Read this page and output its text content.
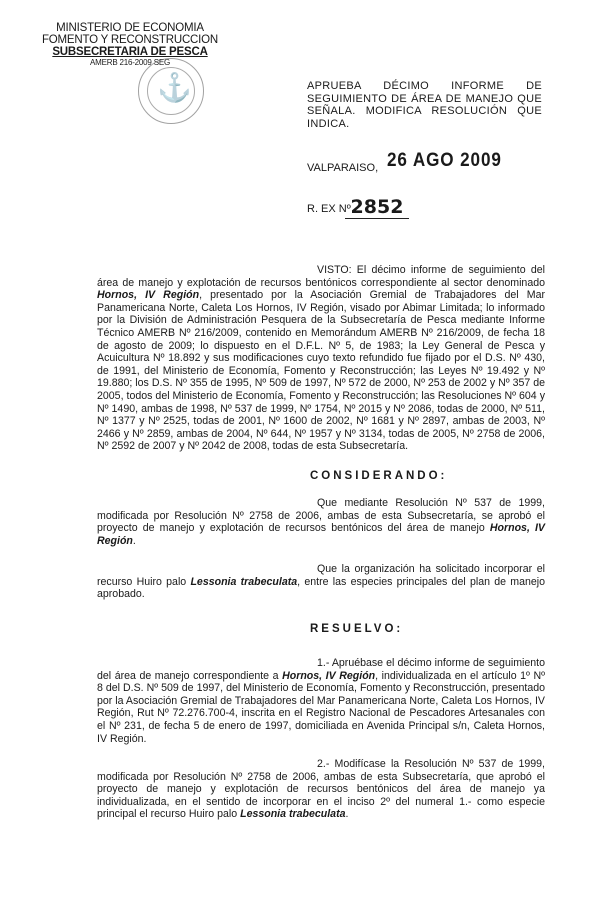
MINISTERIO DE ECONOMIA
FOMENTO Y RECONSTRUCCION
SUBSECRETARIA DE PESCA
AMERB 216-2009 SEG
⚓	APRUEBA DÉCIMO INFORME DE SEGUIMIENTO DE ÁREA DE MANEJO QUE SEÑALA. MODIFICA RESOLUCIÓN QUE INDICA.
VALPARAISO, 26 AGO 2009
R. EX Nº 2852
VISTO: El décimo informe de seguimiento del área de manejo y explotación de recursos bentónicos correspondiente al sector denominado Hornos, IV Región, presentado por la Asociación Gremial de Trabajadores del Mar Panamericana Norte, Caleta Los Hornos, IV Región, visado por Abimar Limitada; lo informado por la División de Administración Pesquera de la Subsecretaría de Pesca mediante Informe Técnico AMERB Nº 216/2009, contenido en Memorándum AMERB Nº 216/2009, de fecha 18 de agosto de 2009; lo dispuesto en el D.F.L. Nº 5, de 1983; la Ley General de Pesca y Acuicultura Nº 18.892 y sus modificaciones cuyo texto refundido fue fijado por el D.S. Nº 430, de 1991, del Ministerio de Economía, Fomento y Reconstrucción; las Leyes Nº 19.492 y Nº 19.880; los D.S. Nº 355 de 1995, Nº 509 de 1997, Nº 572 de 2000, Nº 253 de 2002 y Nº 357 de 2005, todos del Ministerio de Economía, Fomento y Reconstrucción; las Resoluciones Nº 604 y Nº 1490, ambas de 1998, Nº 537 de 1999, Nº 1754, Nº 2015 y Nº 2086, todas de 2000, Nº 511, Nº 1377 y Nº 2525, todas de 2001, Nº 1600 de 2002, Nº 1681 y Nº 2897, ambas de 2003, Nº 2466 y Nº 2859, ambas de 2004, Nº 644, Nº 1957 y Nº 3134, todas de 2005, Nº 2758 de 2006, Nº 2592 de 2007 y Nº 2042 de 2008, todas de esta Subsecretaría.
CONSIDERANDO:
Que mediante Resolución Nº 537 de 1999, modificada por Resolución Nº 2758 de 2006, ambas de esta Subsecretaría, se aprobó el proyecto de manejo y explotación de recursos bentónicos del área de manejo Hornos, IV Región.
Que la organización ha solicitado incorporar el recurso Huiro palo Lessonia trabeculata, entre las especies principales del plan de manejo aprobado.
RESUELVO:
1.- Apruébase el décimo informe de seguimiento del área de manejo correspondiente a Hornos, IV Región, individualizada en el artículo 1º Nº 8 del D.S. Nº 509 de 1997, del Ministerio de Economía, Fomento y Reconstrucción, presentado por la Asociación Gremial de Trabajadores del Mar Panamericana Norte, Caleta Los Hornos, IV Región, Rut Nº 72.276.700-4, inscrita en el Registro Nacional de Pescadores Artesanales con el Nº 231, de fecha 5 de enero de 1997, domiciliada en Avenida Principal s/n, Caleta Hornos, IV Región.
2.- Modifícase la Resolución Nº 537 de 1999, modificada por Resolución Nº 2758 de 2006, ambas de esta Subsecretaría, que aprobó el proyecto de manejo y explotación de recursos bentónicos del área de manejo ya individualizada, en el sentido de incorporar en el inciso 2º del numeral 1.- como especie principal el recurso Huiro palo Lessonia trabeculata.
